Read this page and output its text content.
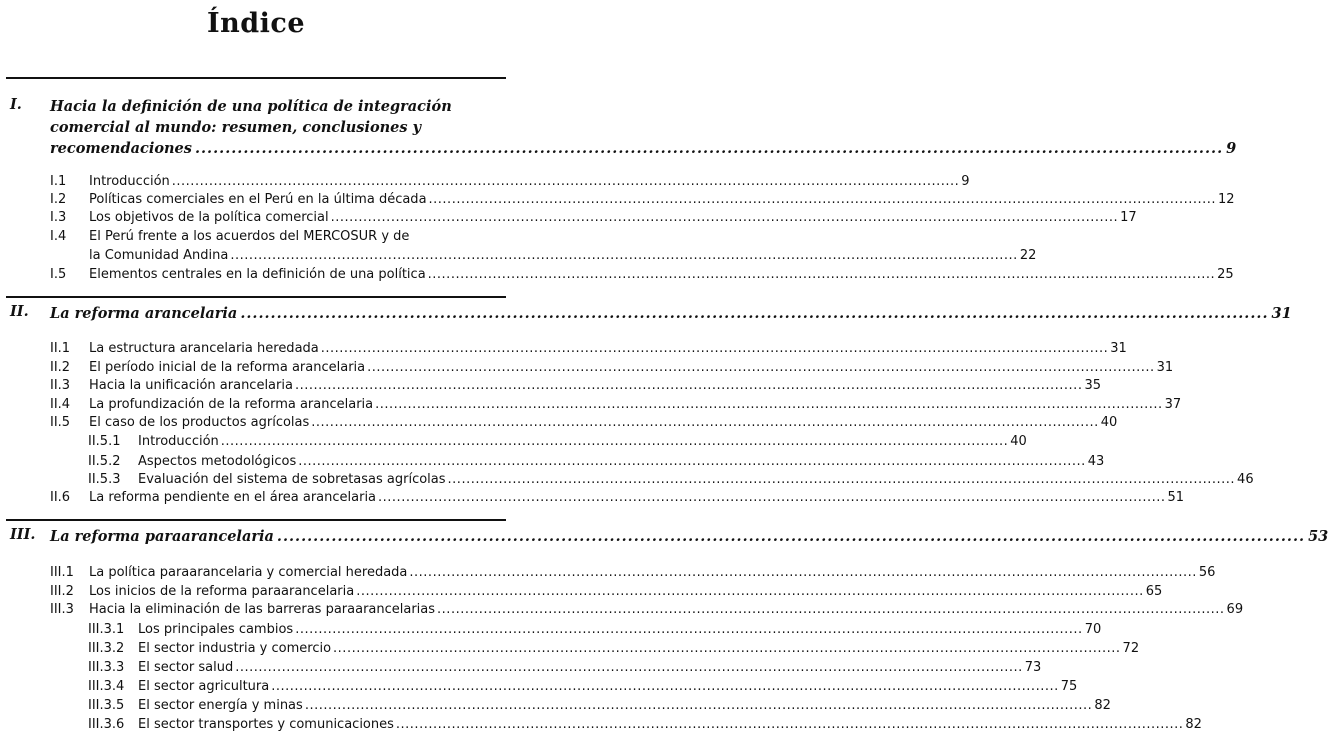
Índice
I. Hacia la definición de una política de integración
comercial al mundo: resumen, conclusiones y
recomendaciones .......................................................................................................................................................................... 9
I.1 Introducción .......................................................................................................................................................................... 9
I.2 Políticas comerciales en el Perú en la última década .......................................................................................................................................................................... 12
I.3 Los objetivos de la política comercial .......................................................................................................................................................................... 17
I.4 El Perú frente a los acuerdos del MERCOSUR y de
la Comunidad Andina .......................................................................................................................................................................... 22
I.5 Elementos centrales en la definición de una política .......................................................................................................................................................................... 25
II. La reforma arancelaria .......................................................................................................................................................................... 31
II.1 La estructura arancelaria heredada .......................................................................................................................................................................... 31
II.2 El período inicial de la reforma arancelaria .......................................................................................................................................................................... 31
II.3 Hacia la unificación arancelaria .......................................................................................................................................................................... 35
II.4 La profundización de la reforma arancelaria .......................................................................................................................................................................... 37
II.5 El caso de los productos agrícolas .......................................................................................................................................................................... 40
II.5.1 Introducción .......................................................................................................................................................................... 40
II.5.2 Aspectos metodológicos .......................................................................................................................................................................... 43
II.5.3 Evaluación del sistema de sobretasas agrícolas .......................................................................................................................................................................... 46
II.6 La reforma pendiente en el área arancelaria .......................................................................................................................................................................... 51
III. La reforma paraarancelaria .......................................................................................................................................................................... 53
III.1 La política paraarancelaria y comercial heredada .......................................................................................................................................................................... 56
III.2 Los inicios de la reforma paraarancelaria .......................................................................................................................................................................... 65
III.3 Hacia la eliminación de las barreras paraarancelarias .......................................................................................................................................................................... 69
III.3.1 Los principales cambios .......................................................................................................................................................................... 70
III.3.2 El sector industria y comercio .......................................................................................................................................................................... 72
III.3.3 El sector salud .......................................................................................................................................................................... 73
III.3.4 El sector agricultura .......................................................................................................................................................................... 75
III.3.5 El sector energía y minas .......................................................................................................................................................................... 82
III.3.6 El sector transportes y comunicaciones .......................................................................................................................................................................... 82
